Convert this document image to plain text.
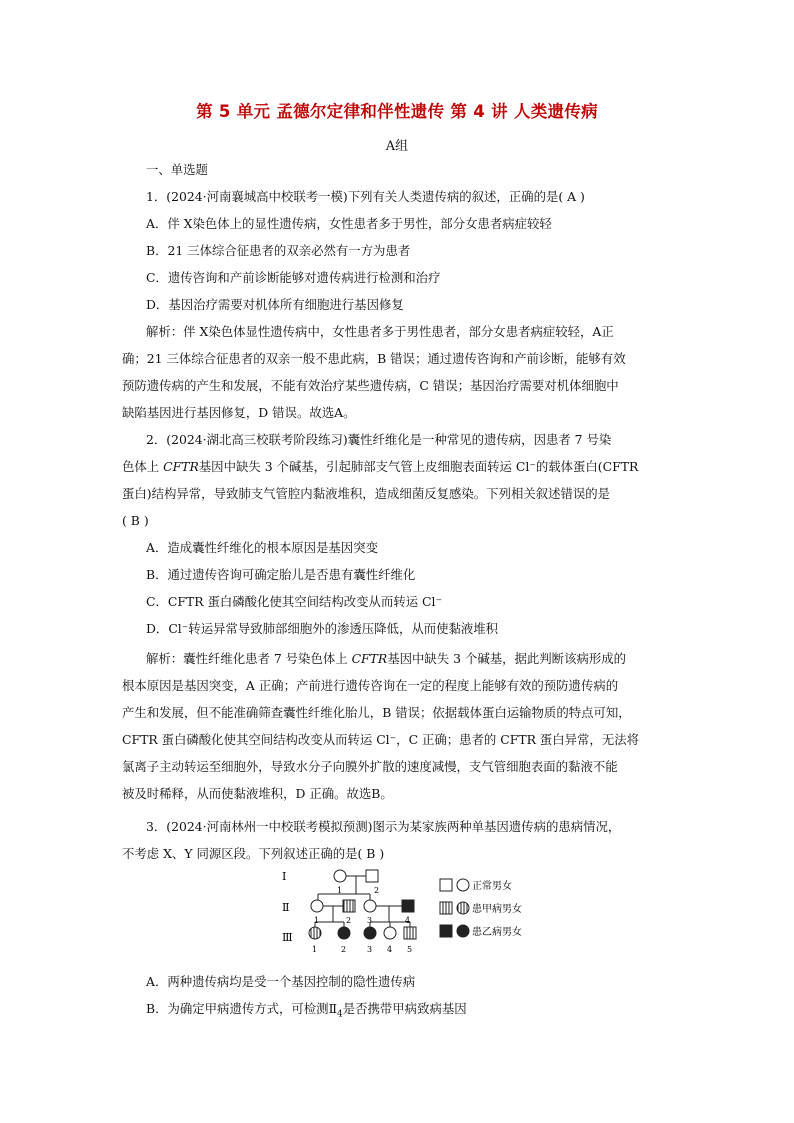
第 5 单元 孟德尔定律和伴性遗传 第 4 讲 人类遗传病
A组
一、单选题
1．(2024·河南襄城高中校联考一模)下列有关人类遗传病的叙述，正确的是( A )
A．伴 X染色体上的显性遗传病，女性患者多于男性，部分女患者病症较轻
B．21 三体综合征患者的双亲必然有一方为患者
C．遗传咨询和产前诊断能够对遗传病进行检测和治疗
D．基因治疗需要对机体所有细胞进行基因修复
解析：伴 X染色体显性遗传病中，女性患者多于男性患者，部分女患者病症较轻，A正
确；21 三体综合征患者的双亲一般不患此病，B 错误；通过遗传咨询和产前诊断，能够有效
预防遗传病的产生和发展，不能有效治疗某些遗传病，C 错误；基因治疗需要对机体细胞中
缺陷基因进行基因修复，D 错误。故选A。
2．(2024·湖北高三校联考阶段练习)囊性纤维化是一种常见的遗传病，因患者 7 号染
色体上 CFTR基因中缺失 3 个碱基，引起肺部支气管上皮细胞表面转运 Cl⁻的载体蛋白(CFTR
蛋白)结构异常，导致肺支气管腔内黏液堆积，造成细菌反复感染。下列相关叙述错误的是
( B )
A．造成囊性纤维化的根本原因是基因突变
B．通过遗传咨询可确定胎儿是否患有囊性纤维化
C．CFTR 蛋白磷酸化使其空间结构改变从而转运 Cl⁻
D．Cl⁻转运异常导致肺部细胞外的渗透压降低，从而使黏液堆积
解析：囊性纤维化患者 7 号染色体上 CFTR基因中缺失 3 个碱基，据此判断该病形成的
根本原因是基因突变，A 正确；产前进行遗传咨询在一定的程度上能够有效的预防遗传病的
产生和发展，但不能准确筛查囊性纤维化胎儿，B 错误；依据载体蛋白运输物质的特点可知，
CFTR 蛋白磷酸化使其空间结构改变从而转运 Cl⁻，C 正确；患者的 CFTR 蛋白异常，无法将
氯离子主动转运至细胞外，导致水分子向膜外扩散的速度减慢，支气管细胞表面的黏液不能
被及时稀释，从而使黏液堆积，D 正确。故选B。
3．(2024·河南林州一中校联考模拟预测)图示为某家族两种单基因遗传病的患病情况，
不考虑 X、Y 同源区段。下列叙述正确的是( B )
Ⅰ
Ⅱ
Ⅲ
1	2
1	2 3	4
1	2	3 4 5
正常男女
患甲病男女
患乙病男女
A．两种遗传病均是受一个基因控制的隐性遗传病
B．为确定甲病遗传方式，可检测$Ⅱ_4$是否携带甲病致病基因
